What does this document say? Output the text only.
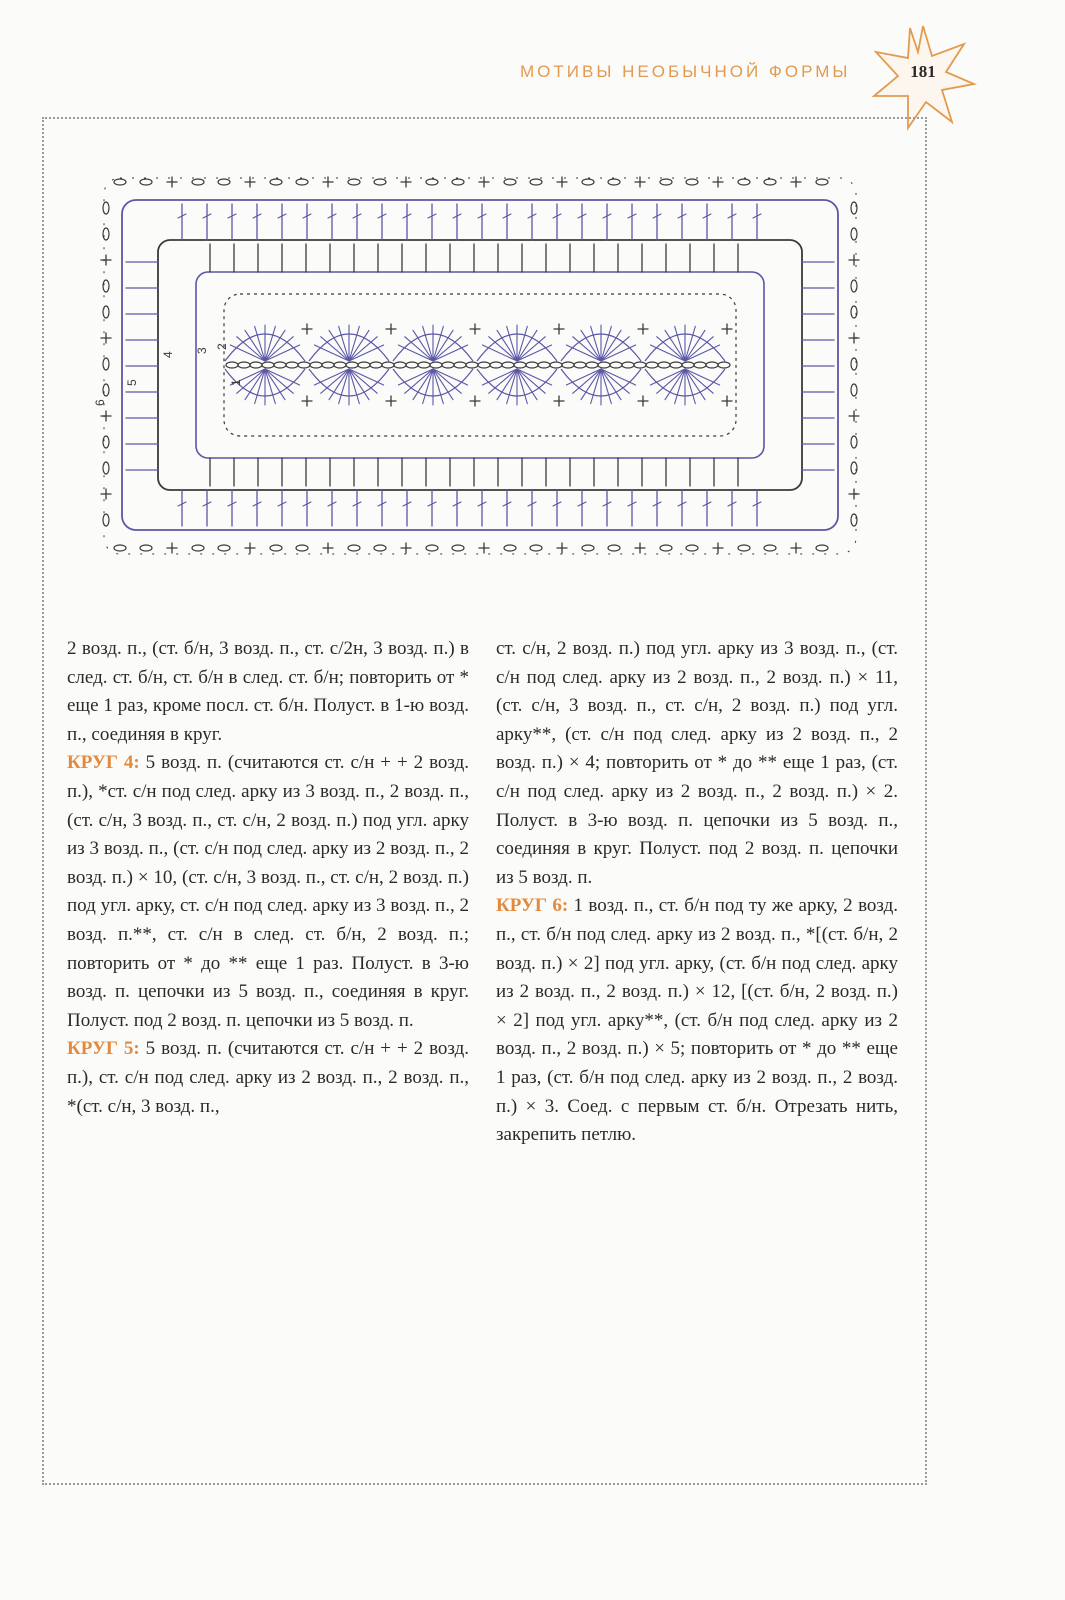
МОТИВЫ НЕОБЫЧНОЙ ФОРМЫ	181
1
2
3
4
5
6

2 возд. п., (ст. б/н, 3 возд. п., ст. с/2н, 3 возд. п.) в след. ст. б/н, ст. б/н в след. ст. б/н; повторить от * еще 1 раз, кроме посл. ст. б/н. Полуст. в 1-ю возд. п., соединяя в круг.

КРУГ 4: 5 возд. п. (считаются ст. с/н + + 2 возд. п.), *ст. с/н под след. арку из 3 возд. п., 2 возд. п., (ст. с/н, 3 возд. п., ст. с/н, 2 возд. п.) под угл. арку из 3 возд. п., (ст. с/н под след. арку из 2 возд. п., 2 возд. п.) × 10, (ст. с/н, 3 возд. п., ст. с/н, 2 возд. п.) под угл. арку, ст. с/н под след. арку из 3 возд. п., 2 возд. п.**, ст. с/н в след. ст. б/н, 2 возд. п.; повторить от * до ** еще 1 раз. Полуст. в 3-ю возд. п. цепочки из 5 возд. п., соединяя в круг. Полуст. под 2 возд. п. цепочки из 5 возд. п.

КРУГ 5: 5 возд. п. (считаются ст. с/н + + 2 возд. п.), ст. с/н под след. арку из 2 возд. п., 2 возд. п., *(ст. с/н, 3 возд. п.,

ст. с/н, 2 возд. п.) под угл. арку из 3 возд. п., (ст. с/н под след. арку из 2 возд. п., 2 возд. п.) × 11, (ст. с/н, 3 возд. п., ст. с/н, 2 возд. п.) под угл. арку**, (ст. с/н под след. арку из 2 возд. п., 2 возд. п.) × 4; повторить от * до ** еще 1 раз, (ст. с/н под след. арку из 2 возд. п., 2 возд. п.) × 2. Полуст. в 3-ю возд. п. цепочки из 5 возд. п., соединяя в круг. Полуст. под 2 возд. п. цепочки из 5 возд. п.

КРУГ 6: 1 возд. п., ст. б/н под ту же арку, 2 возд. п., ст. б/н под след. арку из 2 возд. п., *[(ст. б/н, 2 возд. п.) × 2] под угл. арку, (ст. б/н под след. арку из 2 возд. п., 2 возд. п.) × 12, [(ст. б/н, 2 возд. п.) × 2] под угл. арку**, (ст. б/н под след. арку из 2 возд. п., 2 возд. п.) × 5; повторить от * до ** еще 1 раз, (ст. б/н под след. арку из 2 возд. п., 2 возд. п.) × 3. Соед. с первым ст. б/н. Отрезать нить, закрепить петлю.
